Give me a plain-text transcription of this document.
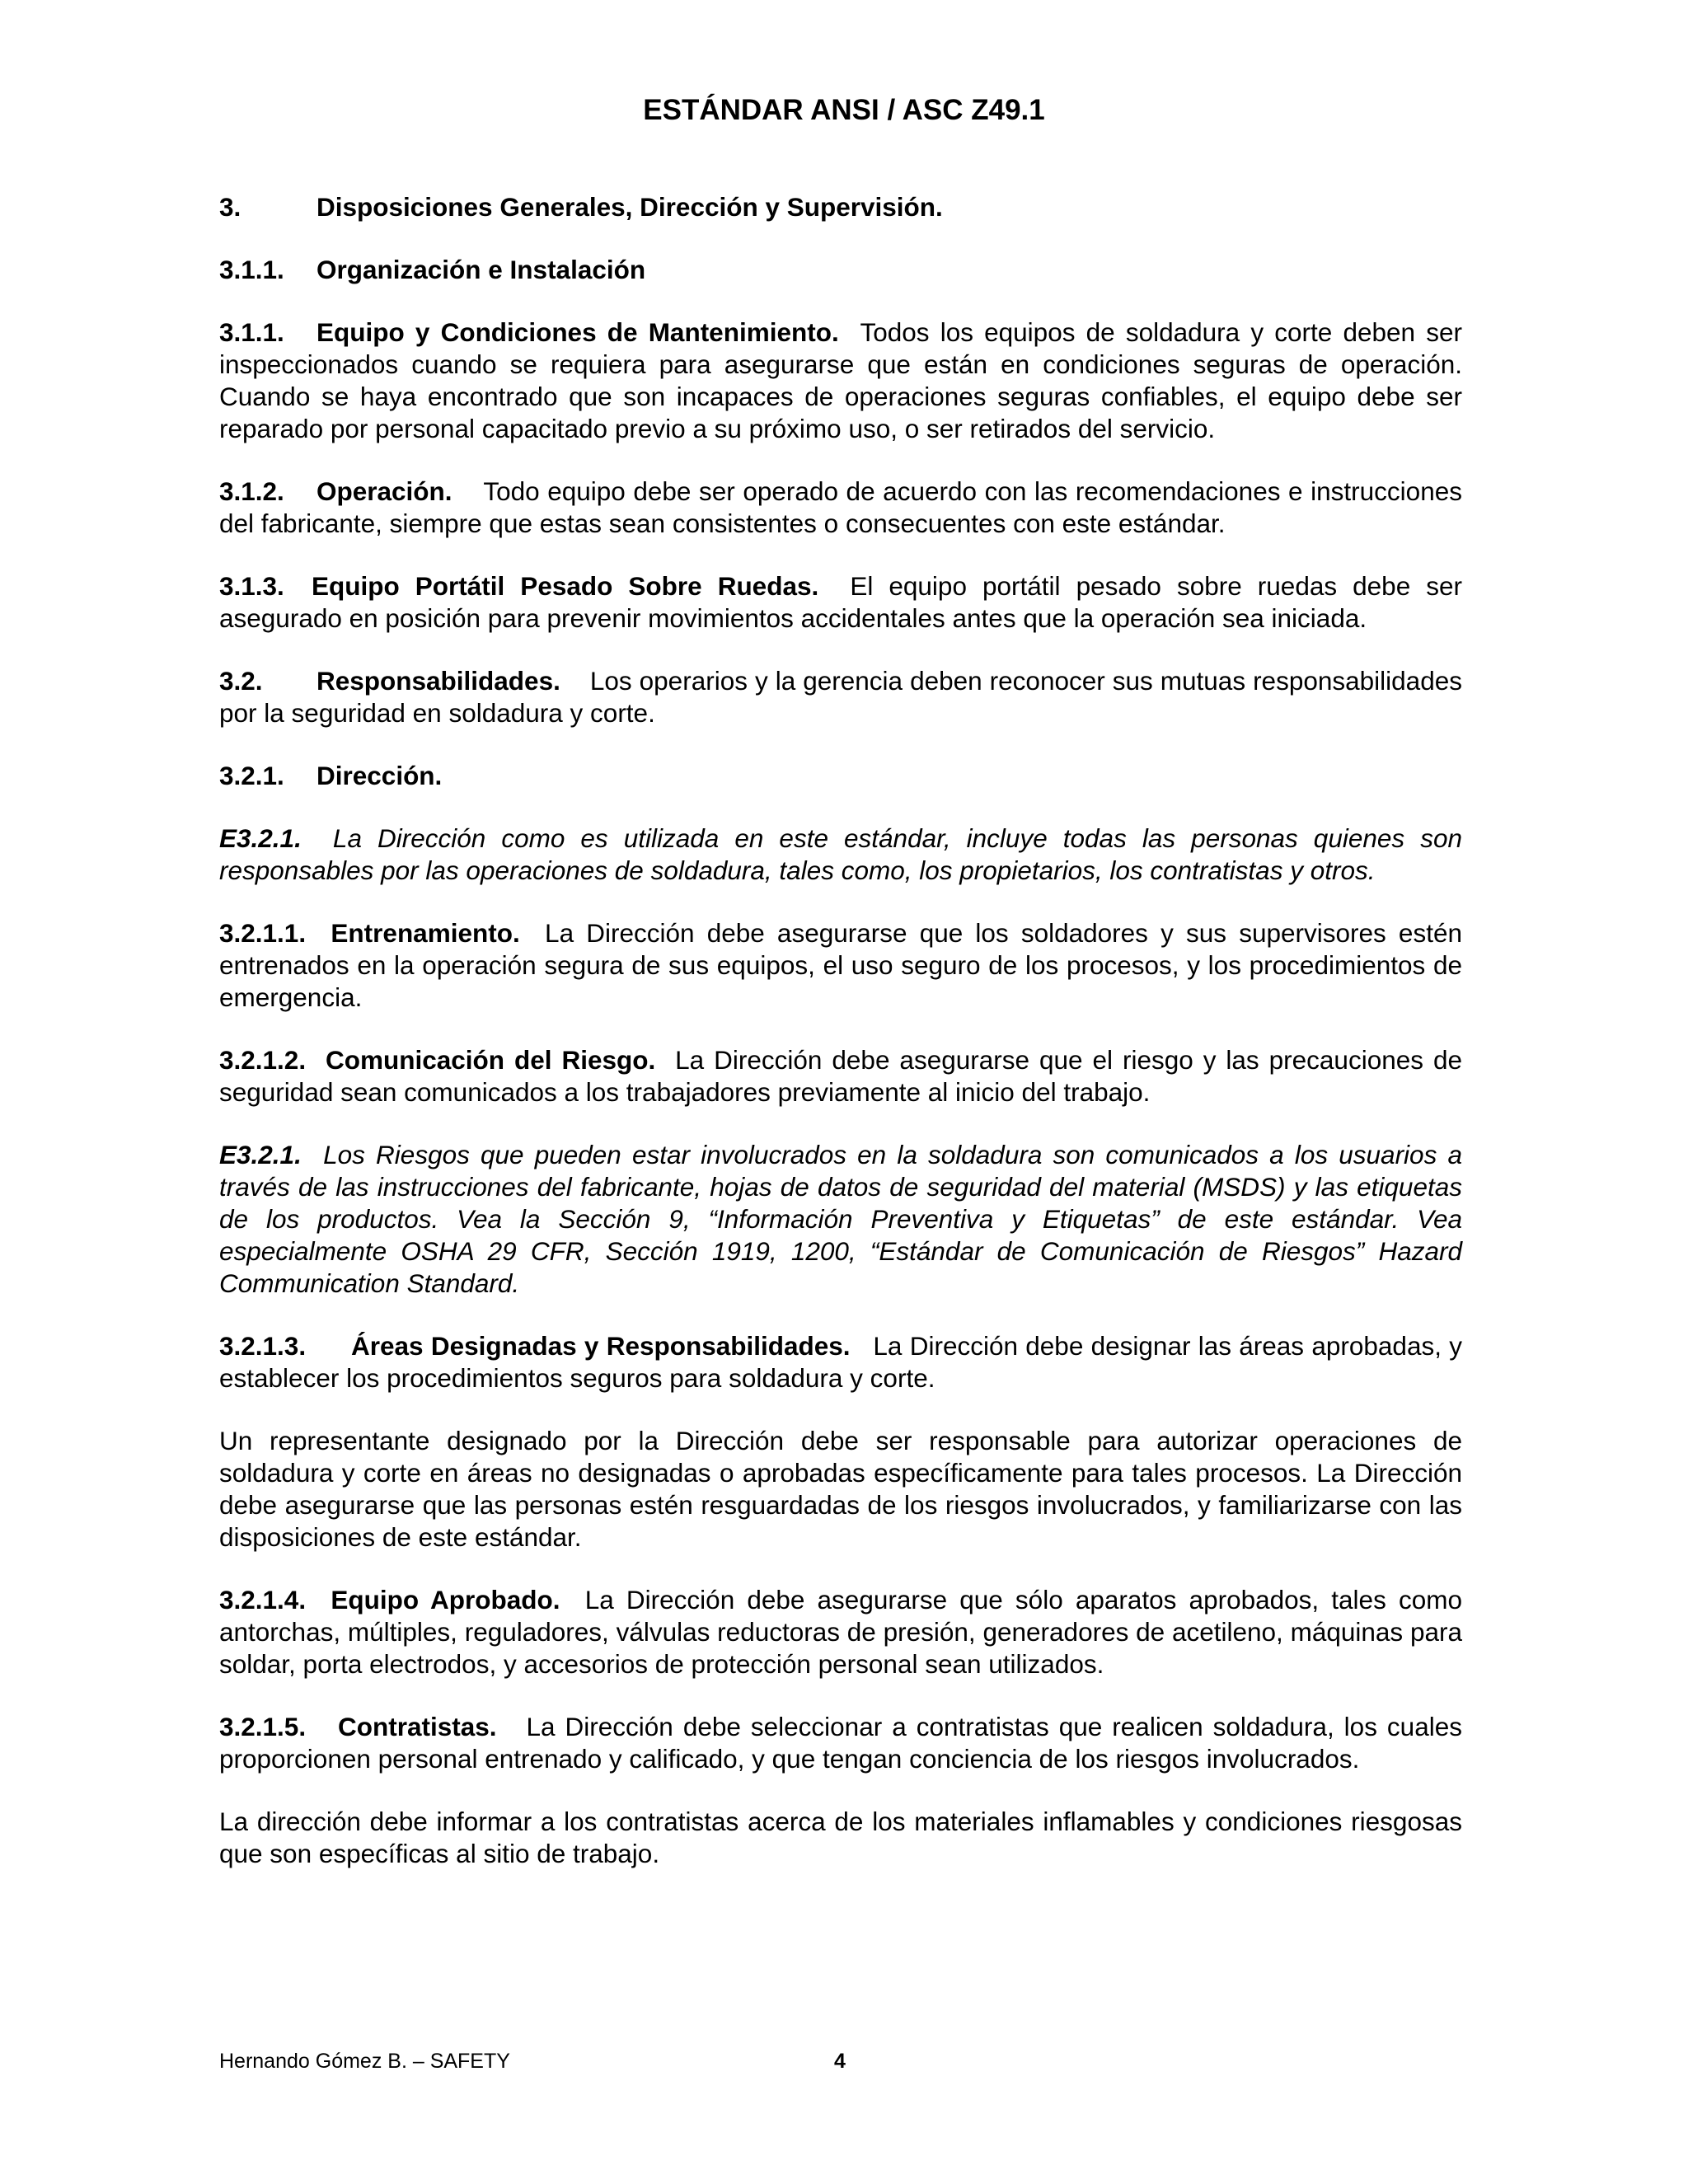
ESTÁNDAR ANSI / ASC Z49.1

3.	Disposiciones Generales, Dirección y Supervisión.

3.1.1. Organización e Instalación

3.1.1. Equipo y Condiciones de Mantenimiento. Todos los equipos de soldadura y corte deben ser inspeccionados cuando se requiera para asegurarse que están en condiciones seguras de operación. Cuando se haya encontrado que son incapaces de operaciones seguras confiables, el equipo debe ser reparado por personal capacitado previo a su próximo uso, o ser retirados del servicio.

3.1.2. Operación. Todo equipo debe ser operado de acuerdo con las recomendaciones e instrucciones del fabricante, siempre que estas sean consistentes o consecuentes con este estándar.

3.1.3. Equipo Portátil Pesado Sobre Ruedas. El equipo portátil pesado sobre ruedas debe ser asegurado en posición para prevenir movimientos accidentales antes que la operación sea iniciada.

3.2. Responsabilidades. Los operarios y la gerencia deben reconocer sus mutuas responsabilidades por la seguridad en soldadura y corte.

3.2.1. Dirección.

E3.2.1. La Dirección como es utilizada en este estándar, incluye todas las personas quienes son responsables por las operaciones de soldadura, tales como, los propietarios, los contratistas y otros.

3.2.1.1. Entrenamiento. La Dirección debe asegurarse que los soldadores y sus supervisores estén entrenados en la operación segura de sus equipos, el uso seguro de los procesos, y los procedimientos de emergencia.

3.2.1.2. Comunicación del Riesgo. La Dirección debe asegurarse que el riesgo y las precauciones de seguridad sean comunicados a los trabajadores previamente al inicio del trabajo.

E3.2.1. Los Riesgos que pueden estar involucrados en la soldadura son comunicados a los usuarios a través de las instrucciones del fabricante, hojas de datos de seguridad del material (MSDS) y las etiquetas de los productos. Vea la Sección 9, “Información Preventiva y Etiquetas” de este estándar. Vea especialmente OSHA 29 CFR, Sección 1919, 1200, “Estándar de Comunicación de Riesgos” Hazard Communication Standard.

3.2.1.3. Áreas Designadas y Responsabilidades. La Dirección debe designar las áreas aprobadas, y establecer los procedimientos seguros para soldadura y corte.

Un representante designado por la Dirección debe ser responsable para autorizar operaciones de soldadura y corte en áreas no designadas o aprobadas específicamente para tales procesos. La Dirección debe asegurarse que las personas estén resguardadas de los riesgos involucrados, y familiarizarse con las disposiciones de este estándar.

3.2.1.4. Equipo Aprobado. La Dirección debe asegurarse que sólo aparatos aprobados, tales como antorchas, múltiples, reguladores, válvulas reductoras de presión, generadores de acetileno, máquinas para soldar, porta electrodos, y accesorios de protección personal sean utilizados.

3.2.1.5. Contratistas. La Dirección debe seleccionar a contratistas que realicen soldadura, los cuales proporcionen personal entrenado y calificado, y que tengan conciencia de los riesgos involucrados.

La dirección debe informar a los contratistas acerca de los materiales inflamables y condiciones riesgosas que son específicas al sitio de trabajo.

Hernando Gómez B. – SAFETY	4
